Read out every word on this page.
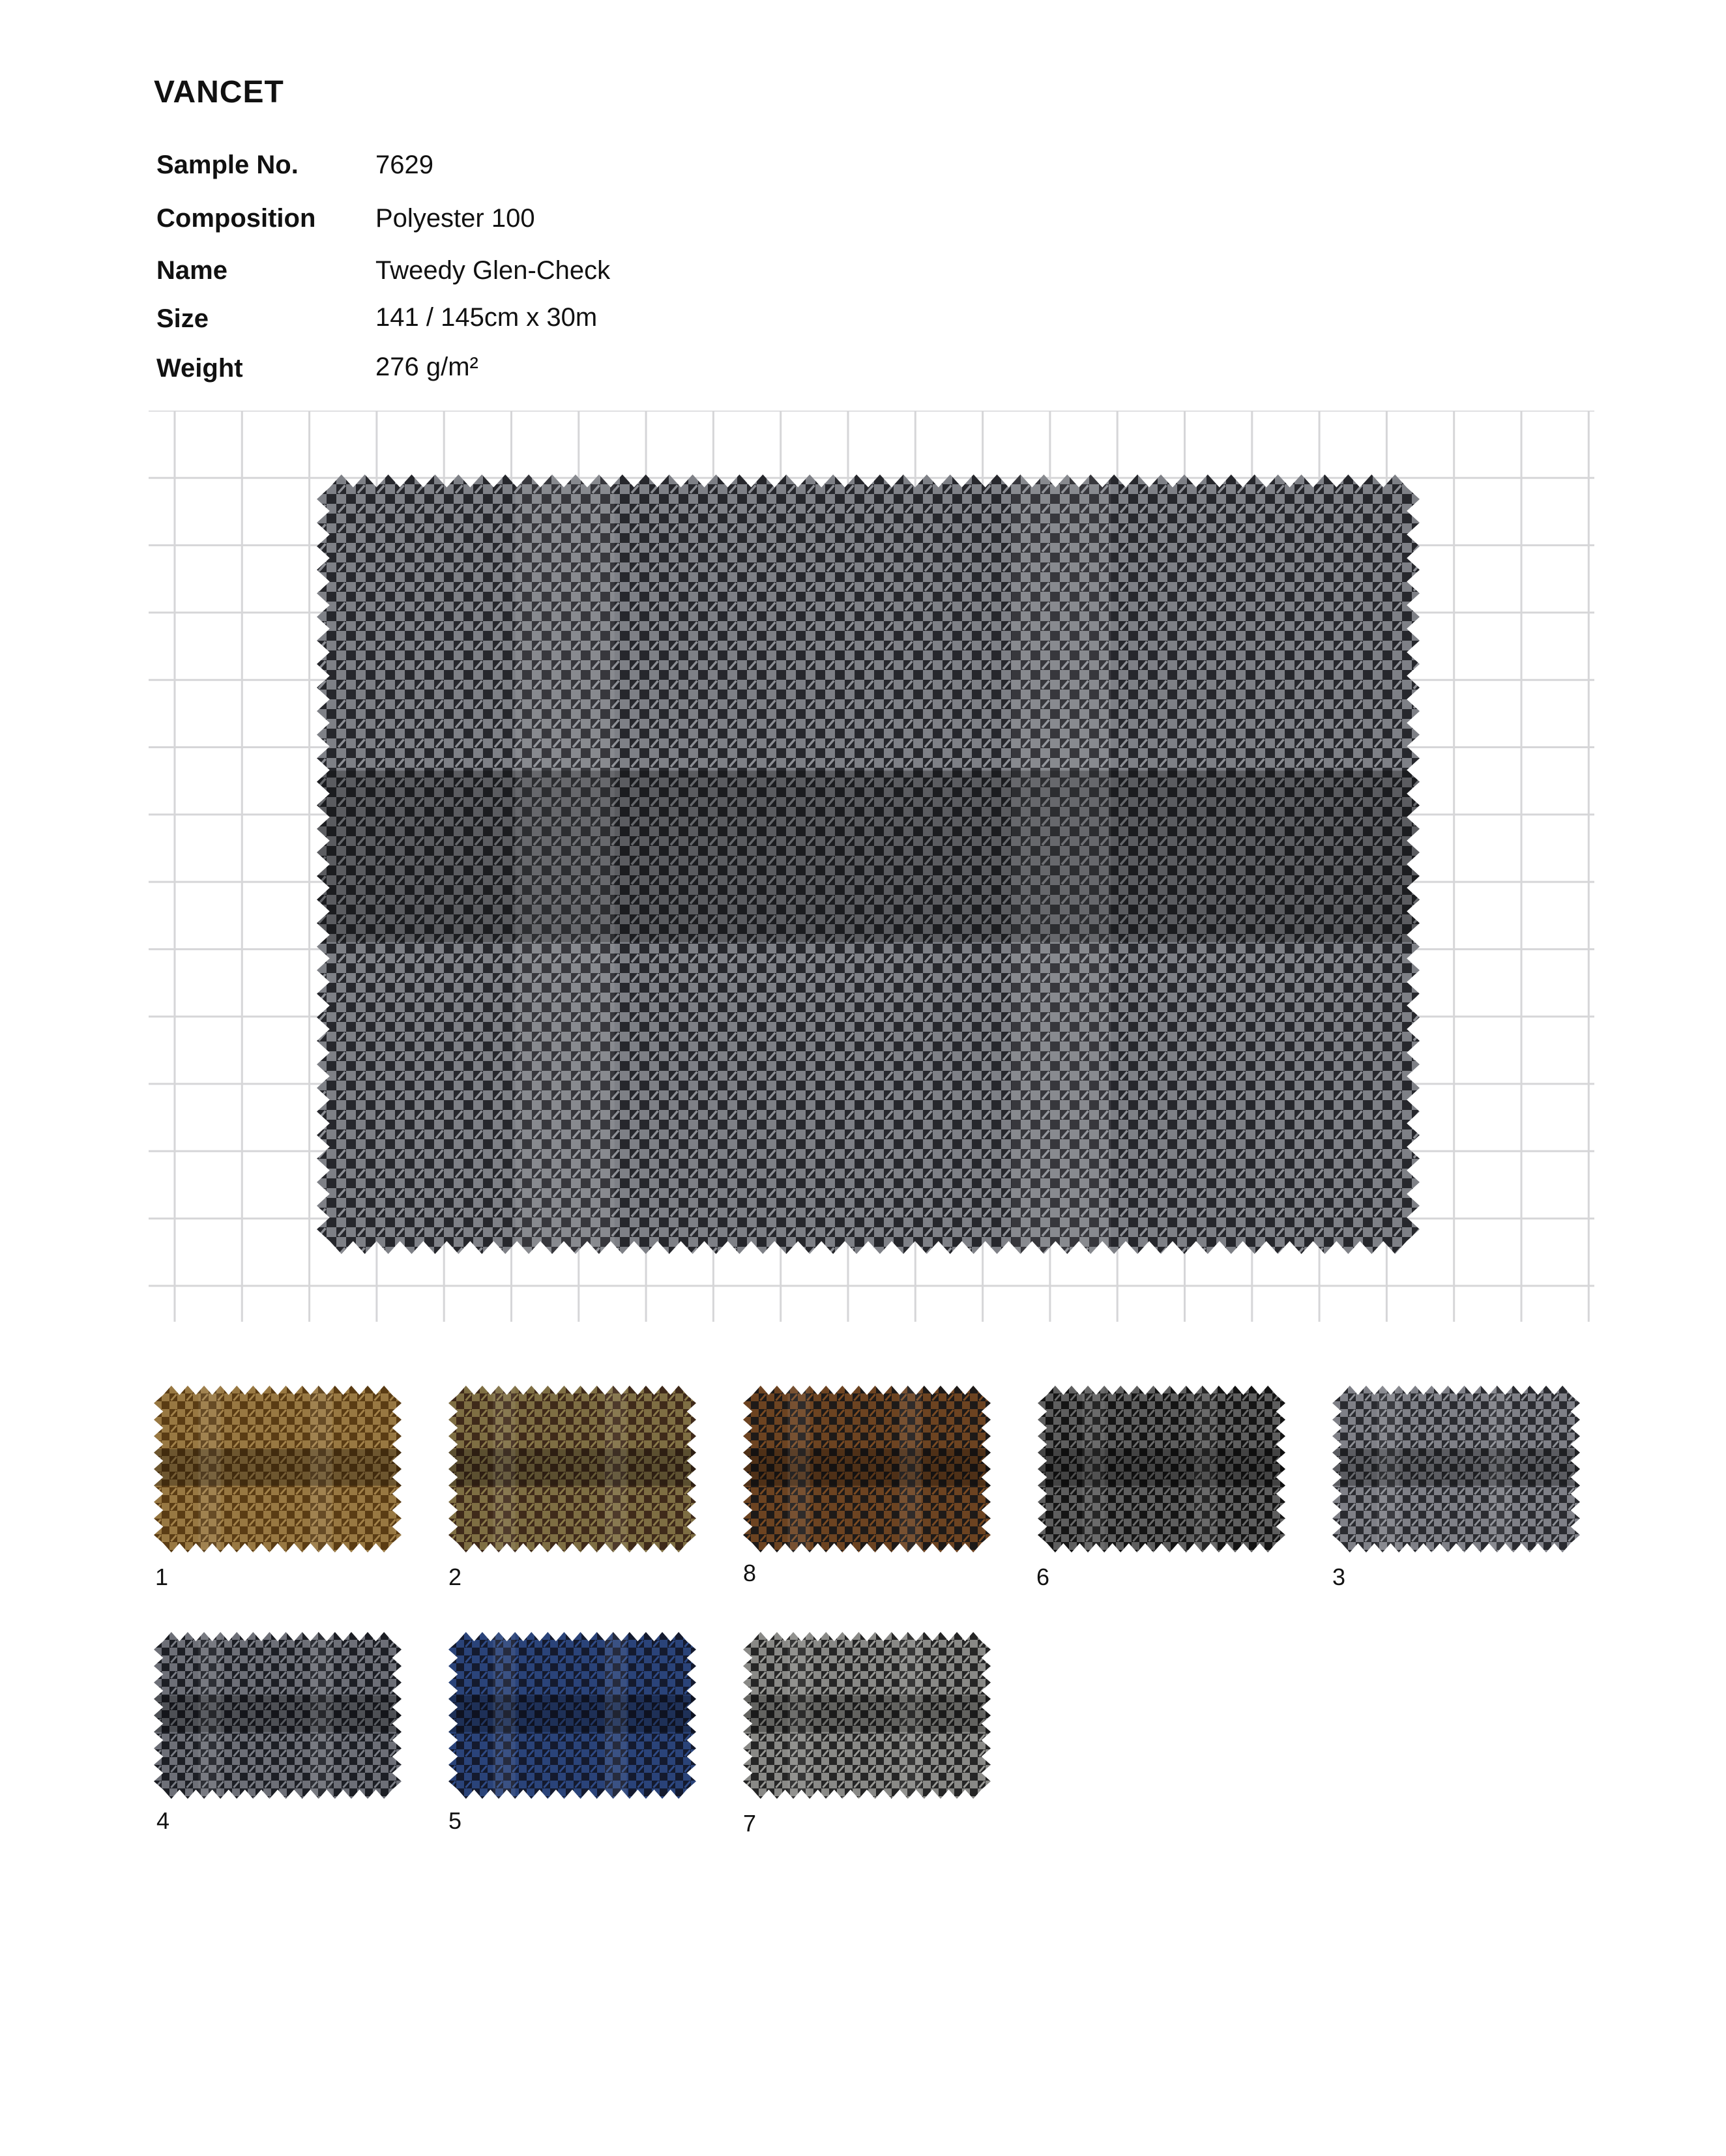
VANCET
Sample No.	7629
Composition Polyester 100
Name	Tweedy Glen-Check
Size	141 / 145cm x 30m
Weight	276 g/m²
1	2	8	6	3
4	5	7
